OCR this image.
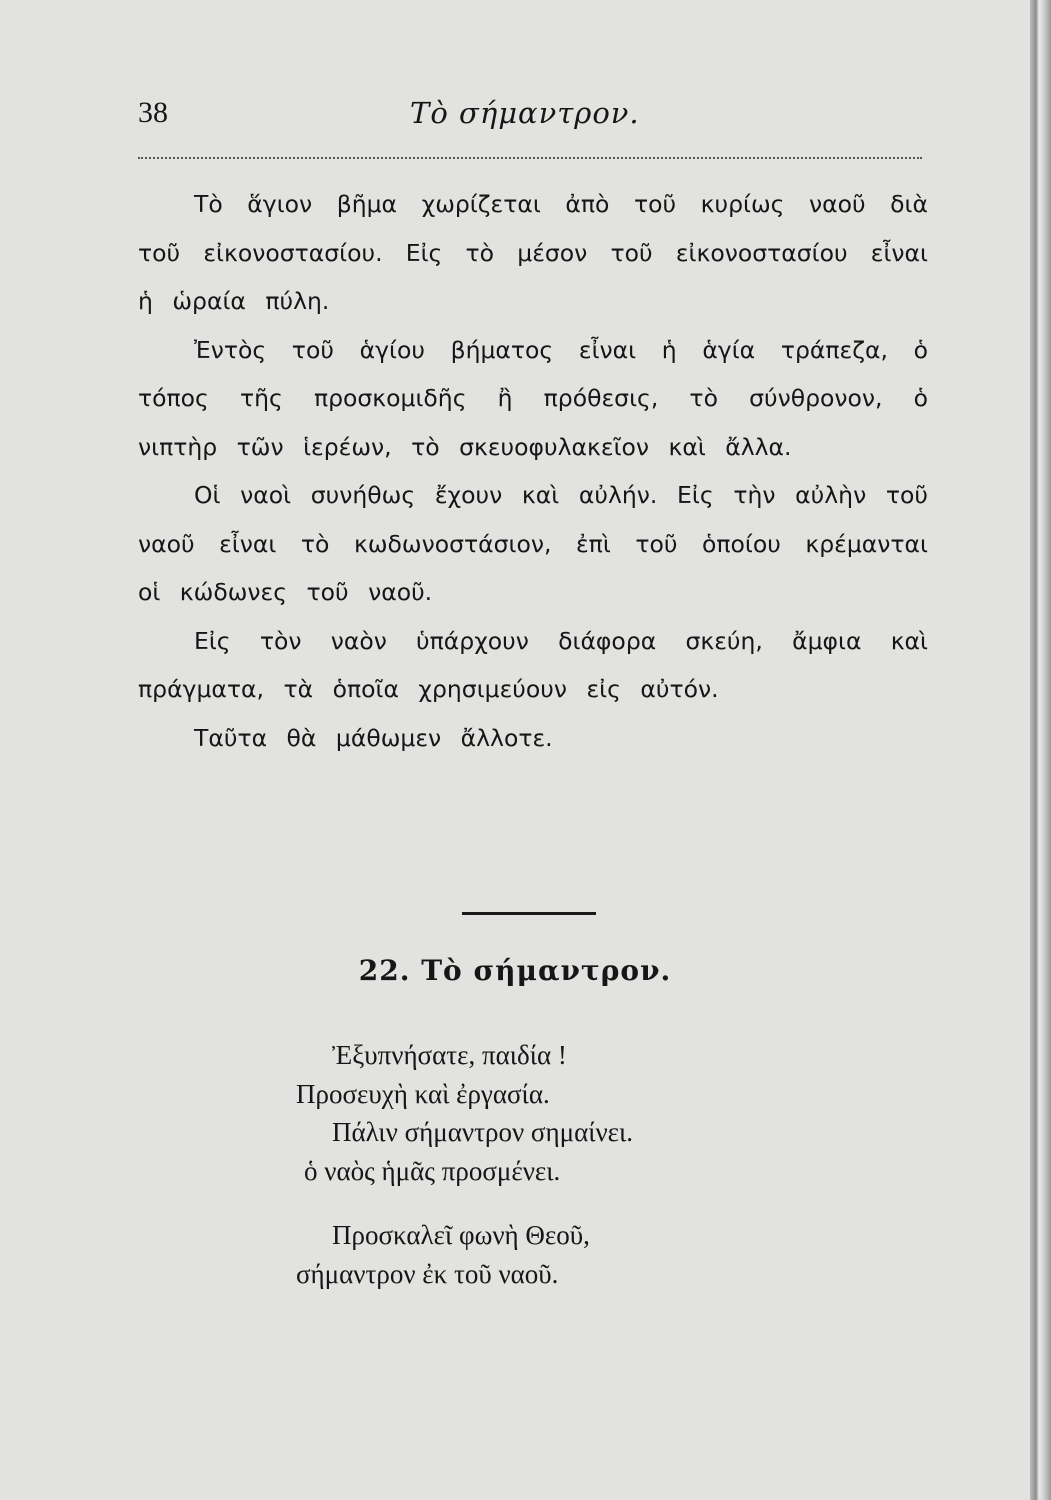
38	Τὸ σήμαντρον.

Τὸ ἅγιον βῆμα χωρίζεται ἀπὸ τοῦ κυρίως ναοῦ διὰ τοῦ εἰκονοστασίου. Εἰς τὸ μέσον τοῦ εἰκονοστασίου εἶναι ἡ ὡραία πύλη.

Ἐντὸς τοῦ ἁγίου βήματος εἶναι ἡ ἁγία τράπεζα, ὁ τόπος τῆς προσκομιδῆς ἢ πρόθεσις, τὸ σύνθρονον, ὁ νιπτὴρ τῶν ἱερέων, τὸ σκευοφυλακεῖον καὶ ἄλλα.

Οἱ ναοὶ συνήθως ἔχουν καὶ αὐλήν. Εἰς τὴν αὐλὴν τοῦ ναοῦ εἶναι τὸ κωδωνοστάσιον, ἐπὶ τοῦ ὁποίου κρέμανται οἱ κώδωνες τοῦ ναοῦ.

Εἰς τὸν ναὸν ὑπάρχουν διάφορα σκεύη, ἄμφια καὶ πράγματα, τὰ ὁποῖα χρησιμεύουν εἰς αὐτόν.

Ταῦτα θὰ μάθωμεν ἄλλοτε.

22. Τὸ σήμαντρον.
Ἐξυπνήσατε, παιδία !
Προσευχὴ καὶ ἐργασία.
Πάλιν σήμαντρον σημαίνει.
ὁ ναὸς ἡμᾶς προσμένει.
Προσκαλεῖ φωνὴ Θεοῦ,
σήμαντρον ἐκ τοῦ ναοῦ.
